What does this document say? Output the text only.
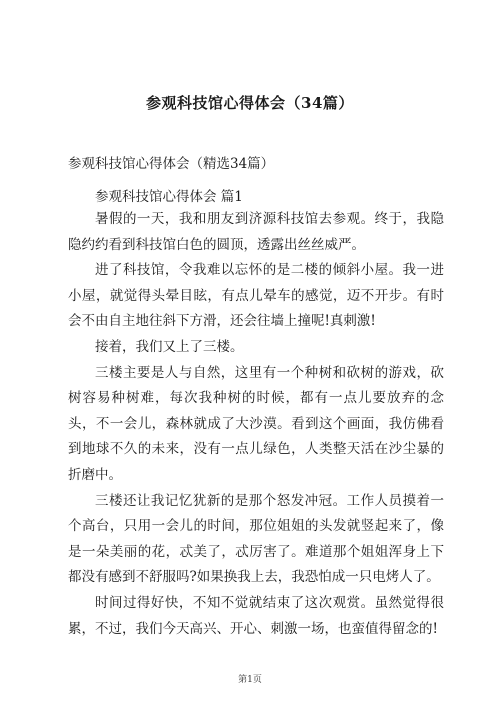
参观科技馆心得体会（34篇）
参观科技馆心得体会（精选34篇）
参观科技馆心得体会 篇1

暑假的一天，我和朋友到济源科技馆去参观。终于，我隐隐约约看到科技馆白色的圆顶，透露出丝丝威严。

进了科技馆，令我难以忘怀的是二楼的倾斜小屋。我一进小屋，就觉得头晕目眩，有点儿晕车的感觉，迈不开步。有时会不由自主地往斜下方滑，还会往墙上撞呢!真刺激!

接着，我们又上了三楼。

三楼主要是人与自然，这里有一个种树和砍树的游戏，砍树容易种树难，每次我种树的时候，都有一点儿要放弃的念头，不一会儿，森林就成了大沙漠。看到这个画面，我仿佛看到地球不久的未来，没有一点儿绿色，人类整天活在沙尘暴的折磨中。

三楼还让我记忆犹新的是那个怒发冲冠。工作人员摸着一个高台，只用一会儿的时间，那位姐姐的头发就竖起来了，像是一朵美丽的花，忒美了，忒厉害了。难道那个姐姐浑身上下都没有感到不舒服吗?如果换我上去，我恐怕成一只电烤人了。

时间过得好快，不知不觉就结束了这次观赏。虽然觉得很累，不过，我们今天高兴、开心、刺激一场，也蛮值得留念的!

第1页
